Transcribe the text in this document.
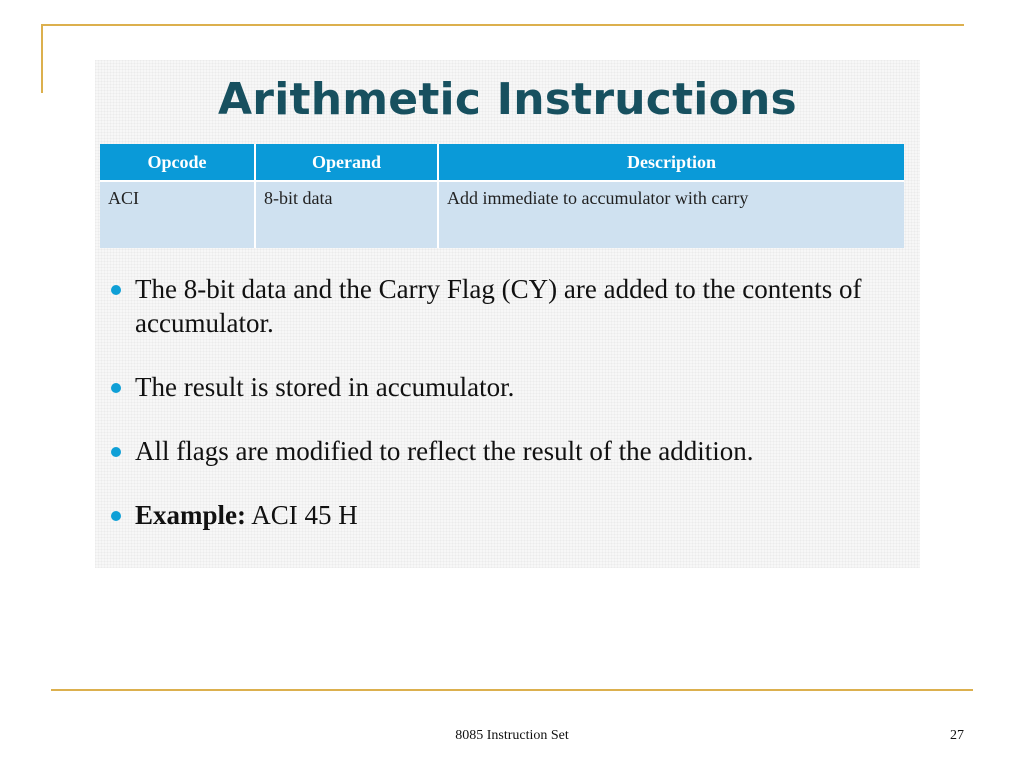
Arithmetic Instructions
Opcode	Operand	Description
ACI	8-bit data	Add immediate to accumulator with carry
The 8-bit data and the Carry Flag (CY) are added to the contents of accumulator.
The result is stored in accumulator.
All flags are modified to reflect the result of the addition.
Example: ACI 45 H
8085 Instruction Set	27
